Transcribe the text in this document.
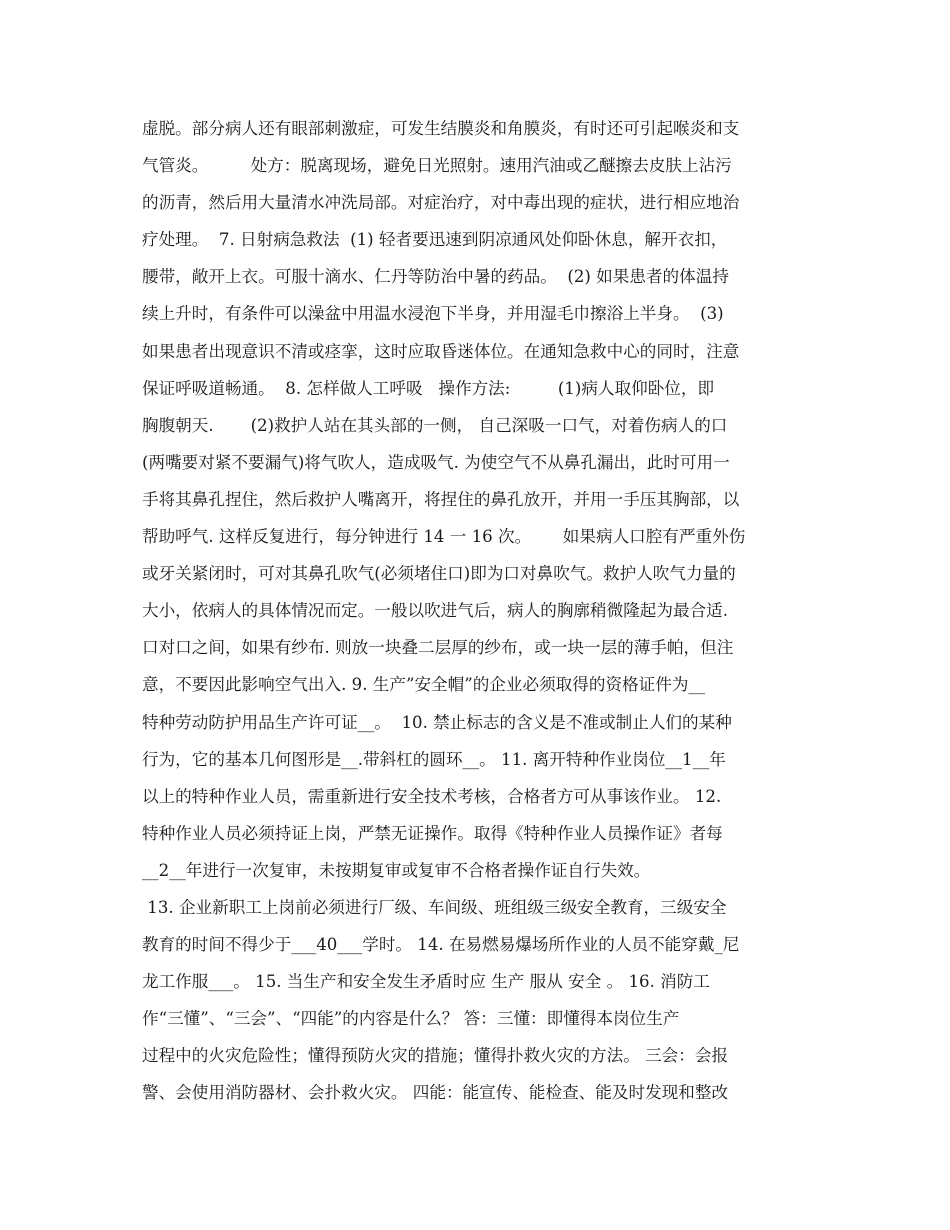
虚脱。部分病人还有眼部刺激症，可发生结膜炎和角膜炎，有时还可引起喉炎和支
气管炎。        处方：脱离现场，避免日光照射。速用汽油或乙醚擦去皮肤上沾污
的沥青，然后用大量清水冲洗局部。对症治疗，对中毒出现的症状，进行相应地治
疗处理。  7. 日射病急救法  (1) 轻者要迅速到阴凉通风处仰卧休息，解开衣扣，
腰带，敞开上衣。可服十滴水、仁丹等防治中暑的药品。  (2) 如果患者的体温持
续上升时，有条件可以澡盆中用温水浸泡下半身，并用湿毛巾擦浴上半身。  (3)
如果患者出现意识不清或痉挛，这时应取昏迷体位。在通知急救中心的同时，注意
保证呼吸道畅通。  8. 怎样做人工呼吸   操作方法:         (1)病人取仰卧位，即
胸腹朝天.       (2)救护人站在其头部的一侧， 自己深吸一口气，对着伤病人的口
(两嘴要对紧不要漏气)将气吹人，造成吸气. 为使空气不从鼻孔漏出，此时可用一
手将其鼻孔捏住，然后救护人嘴离开，将捏住的鼻孔放开，并用一手压其胸部，以
帮助呼气. 这样反复进行，每分钟进行 14 一 16 次。      如果病人口腔有严重外伤
或牙关紧闭时，可对其鼻孔吹气(必须堵住口)即为口对鼻吹气。救护人吹气力量的
大小，依病人的具体情况而定。一般以吹进气后，病人的胸廓稍微隆起为最合适.
口对口之间，如果有纱布. 则放一块叠二层厚的纱布，或一块一层的薄手帕，但注
意，不要因此影响空气出入. 9. 生产”安全帽”的企业必须取得的资格证件为__
特种劳动防护用品生产许可证__。  10. 禁止标志的含义是不准或制止人们的某种
行为，它的基本几何图形是__.带斜杠的圆环__。 11. 离开特种作业岗位__1__年
以上的特种作业人员，需重新进行安全技术考核，合格者方可从事该作业。 12.
特种作业人员必须持证上岗，严禁无证操作。取得《特种作业人员操作证》者每
__2__年进行一次复审，未按期复审或复审不合格者操作证自行失效。
13. 企业新职工上岗前必须进行厂级、车间级、班组级三级安全教育，三级安全
教育的时间不得少于___40___学时。 14. 在易燃易爆场所作业的人员不能穿戴_尼
龙工作服___。 15. 当生产和安全发生矛盾时应 生产 服从 安全 。 16. 消防工
作“三懂”、“三会”、“四能”的内容是什么？ 答：三懂：即懂得本岗位生产
过程中的火灾危险性；懂得预防火灾的措施；懂得扑救火灾的方法。 三会：会报
警、会使用消防器材、会扑救火灾。 四能：能宣传、能检查、能及时发现和整改
